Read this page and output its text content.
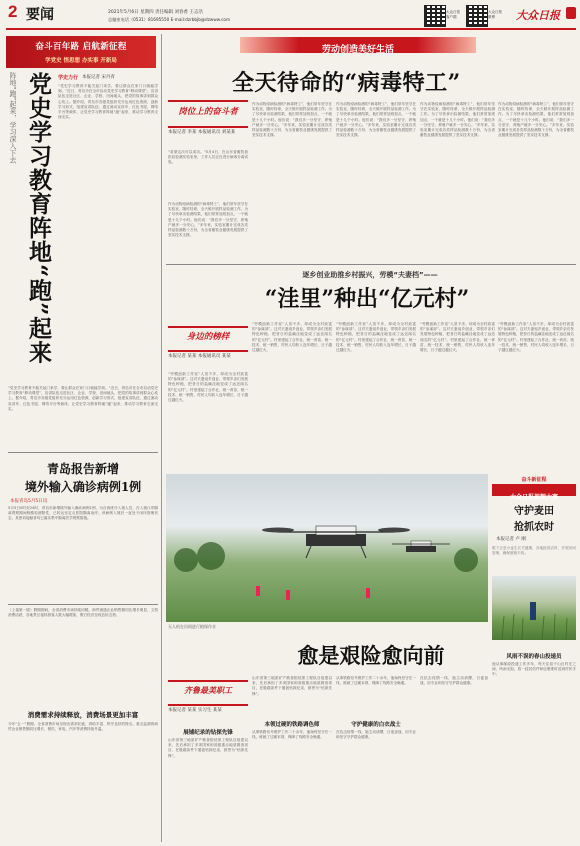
2 要闻	2021年5月6日 星期四 责任编辑 刘春香 王志浩
总编室电话（0531）81695550 E-mail:dzrbbjb@dzwww.com
大众日报客户端
大众日报微博	大众日报
奋斗百年路 启航新征程
学党史 悟思想 办实事 开新局
阵地“跑”起来，学习深入下去 党史学习教育阵地“跑”起来 学史力行 本报记者 宋丹青
“党史学习教育不能关起门来学，要让群众在家门口就能学到。”近日，青岛市在全市启动党史学习教育“移动课堂”，宣讲队伍走进社区、企业、学校、田间地头，把党的故事讲到群众心坎上。据介绍，青岛市各级党组织充分运用红色资源，创新学习形式，组建宣讲队伍，通过流动宣讲车、红色书屋、网络平台等载体，让党史学习教育阵地“跑”起来，推动学习教育走深走实。
“党史学习教育不能关起门来学，要让群众在家门口就能学到。”近日，青岛市在全市启动党史学习教育“移动课堂”，宣讲队伍走进社区、企业、学校、田间地头，把党的故事讲到群众心坎上。据介绍，青岛市各级党组织充分运用红色资源，创新学习形式，组建宣讲队伍，通过流动宣讲车、红色书屋、网络平台等载体，让党史学习教育阵地“跑”起来，推动学习教育走深走实。
青岛报告新增
境外输入确诊病例1例
本报青岛5月5日讯
5月5日0时至24时，青岛市新增境外输入确诊病例1例，为自西班牙入境人员，在入境口岸隔离观察期间核酸检测阳性，已转运至定点医院隔离治疗。该病例入境后一直处于闭环管理状态，其密切接触者均已落实集中隔离医学观察措施。
（上接第一版）假期期间，全省消费市场持续回暖，商贸流通企业销售额同比增长明显，文旅消费活跃，各地景区接待游客人数大幅增加，假日经济呈现良好态势。
消费需求持续释放，消费场景更加丰富
今年“五一”假期，全省消费市场呈现出需求旺盛、供给丰富、秩序良好的特点。重点监测的商贸企业销售额同比增长，餐饮、家电、汽车等消费持续升温。
劳动创造美好生活
全天待命的“病毒特工”
岗位上的奋斗者
本报记者 李某 本报通讯员 刘某某
“希望这次可以成功。”5月4日，在山东省畜牧兽医局检测实验室里，工作人员正在进行病毒分离试验。
作为动物疫病检测的“病毒特工”，他们常年坚守在实验室，随时待命，全天候开展样品检测工作。为了尽快拿出检测结果，他们常常加班加点，一干就是十几个小时。他们说：“我们多一分坚守，养殖户就多一分安心。”多年来，实验室累计完成各类样品检测数十万份，为全省畜牧业健康发展提供了坚实技术支撑。
作为动物疫病检测的“病毒特工”，他们常年坚守在实验室，随时待命，全天候开展样品检测工作。为了尽快拿出检测结果，他们常常加班加点，一干就是十几个小时。他们说：“我们多一分坚守，养殖户就多一分安心。”多年来，实验室累计完成各类样品检测数十万份，为全省畜牧业健康发展提供了坚实技术支撑。
作为动物疫病检测的“病毒特工”，他们常年坚守在实验室，随时待命，全天候开展样品检测工作。为了尽快拿出检测结果，他们常常加班加点，一干就是十几个小时。他们说：“我们多一分坚守，养殖户就多一分安心。”多年来，实验室累计完成各类样品检测数十万份，为全省畜牧业健康发展提供了坚实技术支撑。
作为动物疫病检测的“病毒特工”，他们常年坚守在实验室，随时待命，全天候开展样品检测工作。为了尽快拿出检测结果，他们常常加班加点，一干就是十几个小时。他们说：“我们多一分坚守，养殖户就多一分安心。”多年来，实验室累计完成各类样品检测数十万份，为全省畜牧业健康发展提供了坚实技术支撑。
作为动物疫病检测的“病毒特工”，他们常年坚守在实验室，随时待命，全天候开展样品检测工作。为了尽快拿出检测结果，他们常常加班加点，一干就是十几个小时。他们说：“我们多一分坚守，养殖户就多一分安心。”多年来，实验室累计完成各类样品检测数十万份，为全省畜牧业健康发展提供了坚实技术支撑。
逐乡创业助推乡村振兴，劳模“夫妻档”——
“洼里”种出“亿元村”
身边的榜样
本报记者 某某 本报通讯员 某某
“劳模创新工作室”人虽不多，却成为全村致富的“参谋部”。这对夫妻返乡创业，带领乡亲们发展特色种植，把昔日的盐碱洼地变成了远近闻名的“亿元村”。村里建起了合作社，统一育苗、统一技术、统一销售，村民人均收入连年增长，日子越过越红火。
“劳模创新工作室”人虽不多，却成为全村致富的“参谋部”。这对夫妻返乡创业，带领乡亲们发展特色种植，把昔日的盐碱洼地变成了远近闻名的“亿元村”。村里建起了合作社，统一育苗、统一技术、统一销售，村民人均收入连年增长，日子越过越红火。
“劳模创新工作室”人虽不多，却成为全村致富的“参谋部”。这对夫妻返乡创业，带领乡亲们发展特色种植，把昔日的盐碱洼地变成了远近闻名的“亿元村”。村里建起了合作社，统一育苗、统一技术、统一销售，村民人均收入连年增长，日子越过越红火。
“劳模创新工作室”人虽不多，却成为全村致富的“参谋部”。这对夫妻返乡创业，带领乡亲们发展特色种植，把昔日的盐碱洼地变成了远近闻名的“亿元村”。村里建起了合作社，统一育苗、统一技术、统一销售，村民人均收入连年增长，日子越过越红火。
“劳模创新工作室”人虽不多，却成为全村致富的“参谋部”。这对夫妻返乡创业，带领乡亲们发展特色种植，把昔日的盐碱洼地变成了远近闻名的“亿元村”。村里建起了合作社，统一育苗、统一技术、统一销售，村民人均收入连年增长，日子越过越红火。
无人机在田间进行植保作业
奋斗新征程
大众日报视频大赛
守护麦田
抢抓农时
本报记者 卢 刚
眼下正是小麦生长关键期，各地抢抓农时，开展田间管理，确保夏粮丰收。
愈是艰险愈向前
齐鲁最美职工
本报记者 某某 实习生 某某
展铺纪录的钻探先锋
山东省第三地质矿产勘查院钻探工程队自组建以来，先后承担了多项国家和省级重点地质勘查项目，在极端条件下屡创钻探纪录，被誉为“钻探先锋”。
山东省第三地质矿产勘查院钻探工程队自组建以来，先后承担了多项国家和省级重点地质勘查项目，在极端条件下屡创钻探纪录，被誉为“钻探先锋”。
本领过硬的铁路调色师
从事铁路信号维护工作二十余年，他始终坚守在一线，练就了过硬本领，保障了线路安全畅通。
从事铁路信号维护工作二十余年，他始终坚守在一线，练就了过硬本领，保障了线路安全畅通。
守护健康的白衣战士
在抗击疫情一线，她主动请缨，日夜奋战，用专业和坚守守护群众健康。
在抗击疫情一线，她主动请缨，日夜奋战，用专业和坚守守护群众健康。
风雨不误的春山投递员
他从事邮政投递工作多年，每天往返于山区村庄之间，风雨无阻，将一封封信件和包裹准时送到村民手中。
